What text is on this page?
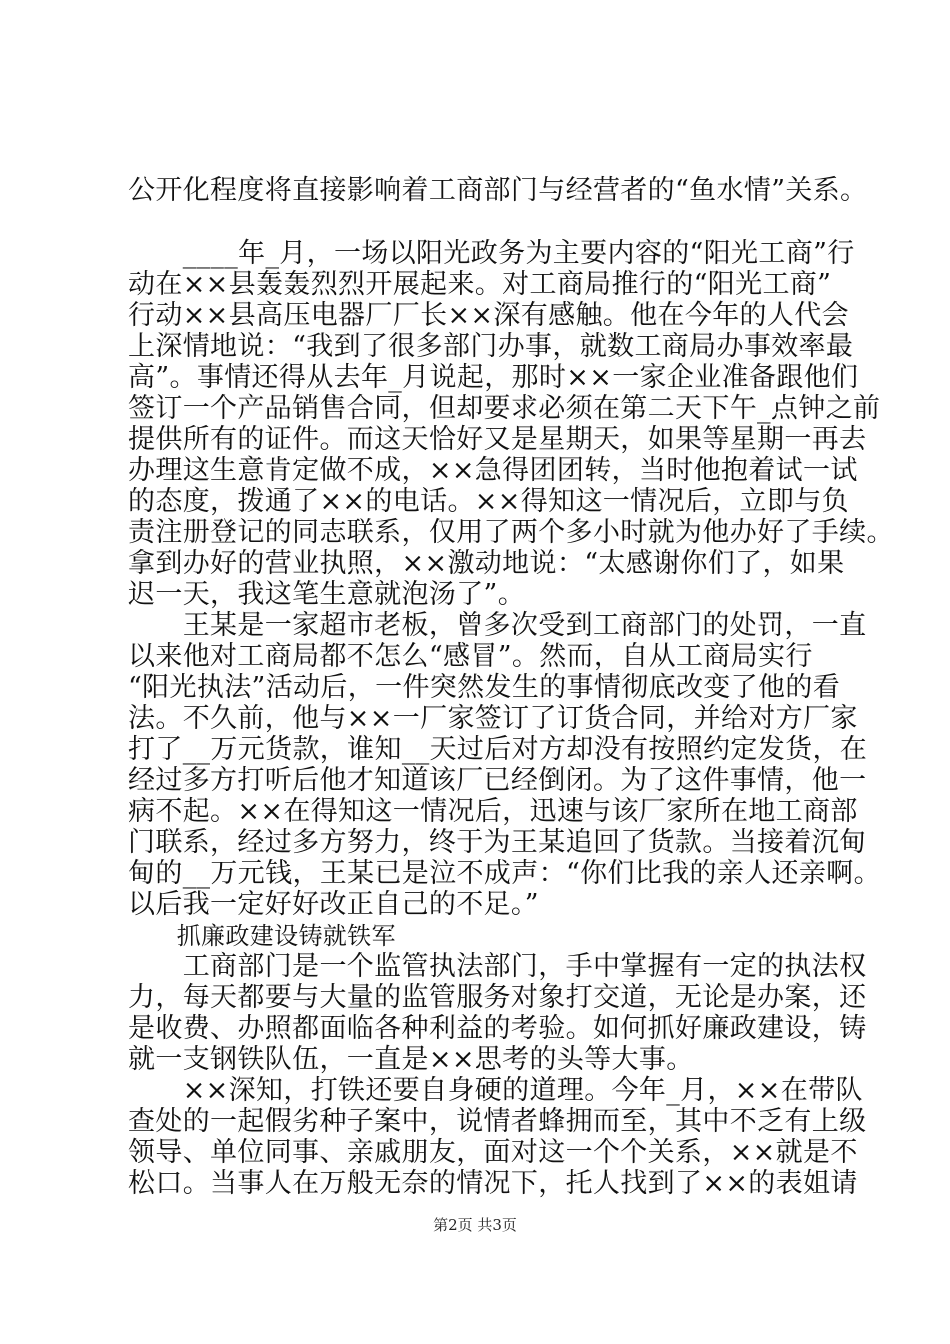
公开化程度将直接影响着工商部门与经营者的“鱼水情”关系。
　　____年_月，一场以阳光政务为主要内容的“阳光工商”行
动在××县轰轰烈烈开展起来。对工商局推行的“阳光工商”
行动××县高压电器厂厂长××深有感触。他在今年的人代会
上深情地说：“我到了很多部门办事，就数工商局办事效率最
高”。事情还得从去年_月说起，那时××一家企业准备跟他们
签订一个产品销售合同，但却要求必须在第二天下午_点钟之前
提供所有的证件。而这天恰好又是星期天，如果等星期一再去
办理这生意肯定做不成，××急得团团转，当时他抱着试一试
的态度，拨通了××的电话。××得知这一情况后，立即与负
责注册登记的同志联系，仅用了两个多小时就为他办好了手续。
拿到办好的营业执照，××激动地说：“太感谢你们了，如果
迟一天，我这笔生意就泡汤了”。
　　王某是一家超市老板，曾多次受到工商部门的处罚，一直
以来他对工商局都不怎么“感冒”。然而，自从工商局实行
“阳光执法”活动后，一件突然发生的事情彻底改变了他的看
法。不久前，他与××一厂家签订了订货合同，并给对方厂家
打了__万元货款，谁知__天过后对方却没有按照约定发货，在
经过多方打听后他才知道该厂已经倒闭。为了这件事情，他一
病不起。××在得知这一情况后，迅速与该厂家所在地工商部
门联系，经过多方努力，终于为王某追回了货款。当接着沉甸
甸的__万元钱，王某已是泣不成声：“你们比我的亲人还亲啊。
以后我一定好好改正自己的不足。”
　　抓廉政建设铸就铁军
　　工商部门是一个监管执法部门，手中掌握有一定的执法权
力，每天都要与大量的监管服务对象打交道，无论是办案，还
是收费、办照都面临各种利益的考验。如何抓好廉政建设，铸
就一支钢铁队伍，一直是××思考的头等大事。
　　××深知，打铁还要自身硬的道理。今年_月，××在带队
查处的一起假劣种子案中，说情者蜂拥而至，其中不乏有上级
领导、单位同事、亲戚朋友，面对这一个个关系，××就是不
松口。当事人在万般无奈的情况下，托人找到了××的表姐请
第2页 共3页
